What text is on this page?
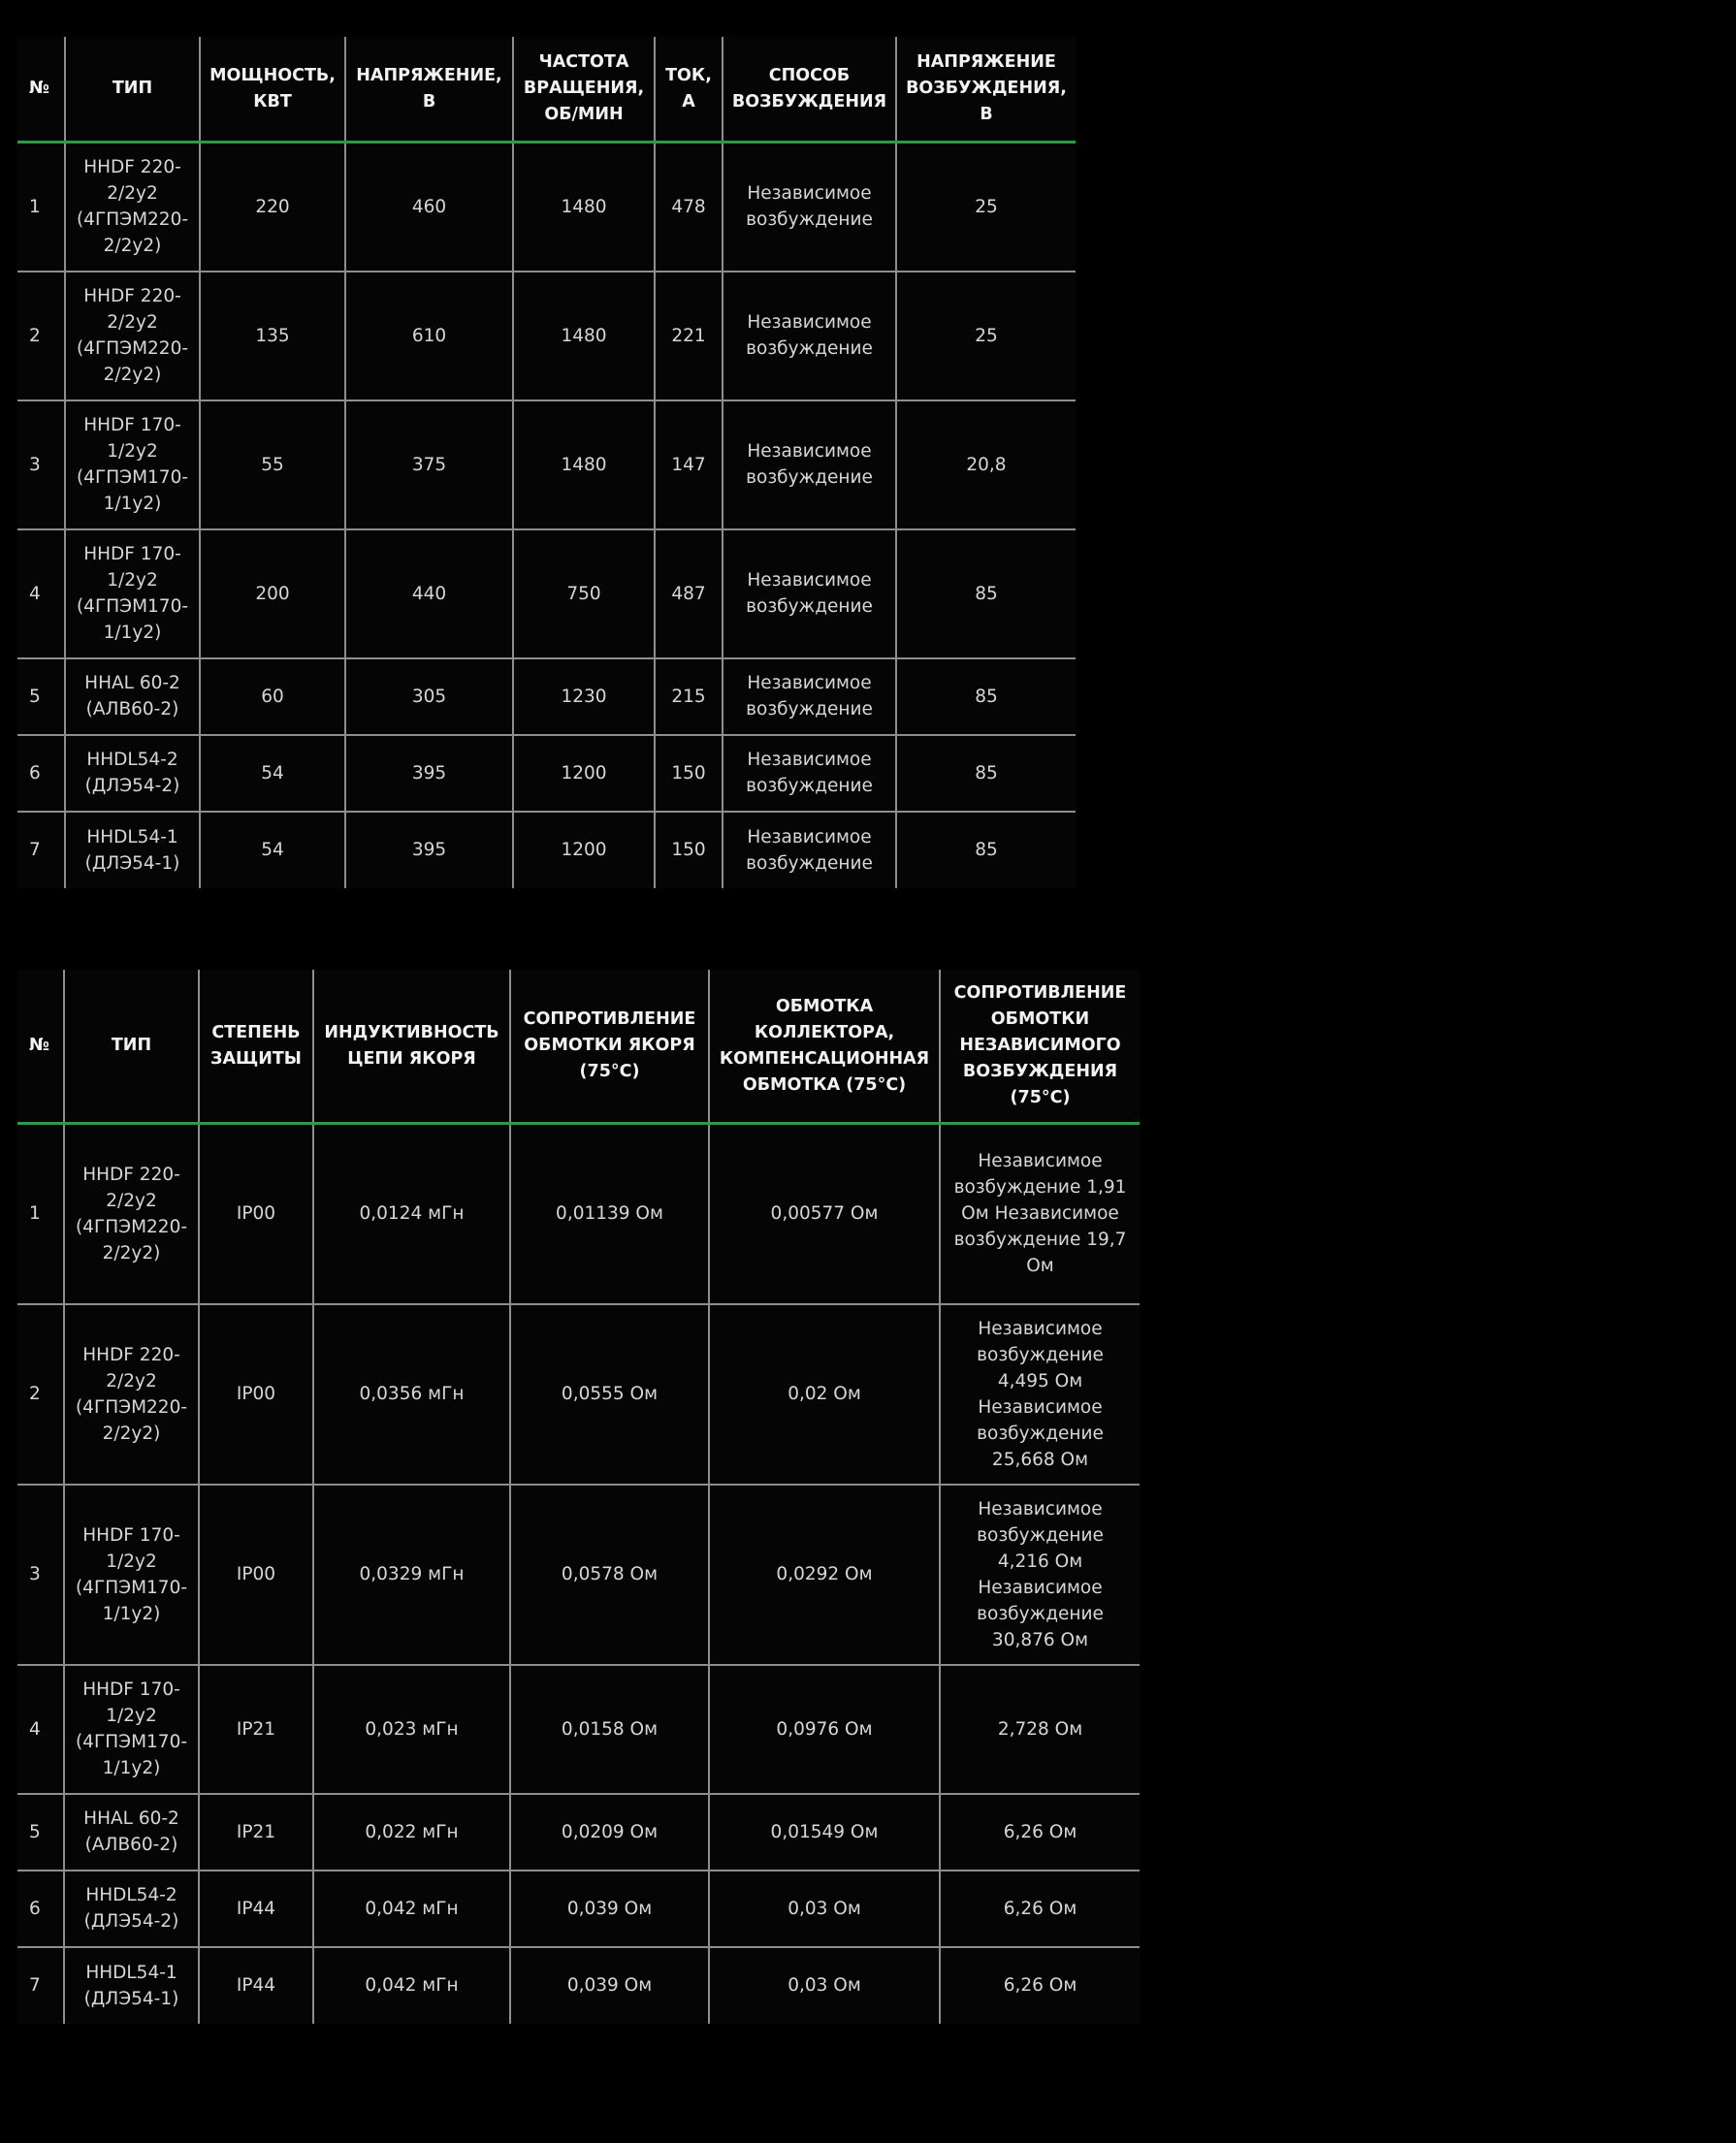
№	ТИП	МОЩНОСТЬ, КВТ	НАПРЯЖЕНИЕ, В	ЧАСТОТА ВРАЩЕНИЯ, ОБ/МИН	ТОК, А	СПОСОБ ВОЗБУЖДЕНИЯ	НАПРЯЖЕНИЕ ВОЗБУЖДЕНИЯ, В
1	HHDF 220-2/2у2 (4ГПЭМ220-2/2у2)	220	460	1480	478	Независимое возбуждение	25
2	HHDF 220-2/2у2 (4ГПЭМ220-2/2у2)	135	610	1480	221	Независимое возбуждение	25
3	HHDF 170-1/2у2 (4ГПЭМ170-1/1у2)	55	375	1480	147	Независимое возбуждение	20,8
4	HHDF 170-1/2у2 (4ГПЭМ170-1/1у2)	200	440	750	487	Независимое возбуждение	85
5	HHAL 60-2 (АЛВ60-2)	60	305	1230	215	Независимое возбуждение	85
6	HHDL54-2 (ДЛЭ54-2)	54	395	1200	150	Независимое возбуждение	85
7	HHDL54-1 (ДЛЭ54-1)	54	395	1200	150	Независимое возбуждение	85
№	ТИП	СТЕПЕНЬ ЗАЩИТЫ	ИНДУКТИВНОСТЬ ЦЕПИ ЯКОРЯ	СОПРОТИВЛЕНИЕ ОБМОТКИ ЯКОРЯ (75°С)	ОБМОТКА КОЛЛЕКТОРА, КОМПЕНСАЦИОННАЯ ОБМОТКА (75°С)	СОПРОТИВЛЕНИЕ ОБМОТКИ НЕЗАВИСИМОГО ВОЗБУЖДЕНИЯ (75°С)
1	HHDF 220-2/2у2 (4ГПЭМ220-2/2у2)	IP00	0,0124 мГн	0,01139 Ом	0,00577 Ом	Независимое возбуждение 1,91 Ом Независимое возбуждение 19,7 Ом
2	HHDF 220-2/2у2 (4ГПЭМ220-2/2у2)	IP00	0,0356 мГн	0,0555 Ом	0,02 Ом	Независимое возбуждение 4,495 Ом Независимое возбуждение 25,668 Ом
3	HHDF 170-1/2у2 (4ГПЭМ170-1/1у2)	IP00	0,0329 мГн	0,0578 Ом	0,0292 Ом	Независимое возбуждение 4,216 Ом Независимое возбуждение 30,876 Ом
4	HHDF 170-1/2у2 (4ГПЭМ170-1/1у2)	IP21	0,023 мГн	0,0158 Ом	0,0976 Ом	2,728 Ом
5	HHAL 60-2 (АЛВ60-2)	IP21	0,022 мГн	0,0209 Ом	0,01549 Ом	6,26 Ом
6	HHDL54-2 (ДЛЭ54-2)	IP44	0,042 мГн	0,039 Ом	0,03 Ом	6,26 Ом
7	HHDL54-1 (ДЛЭ54-1)	IP44	0,042 мГн	0,039 Ом	0,03 Ом	6,26 Ом
